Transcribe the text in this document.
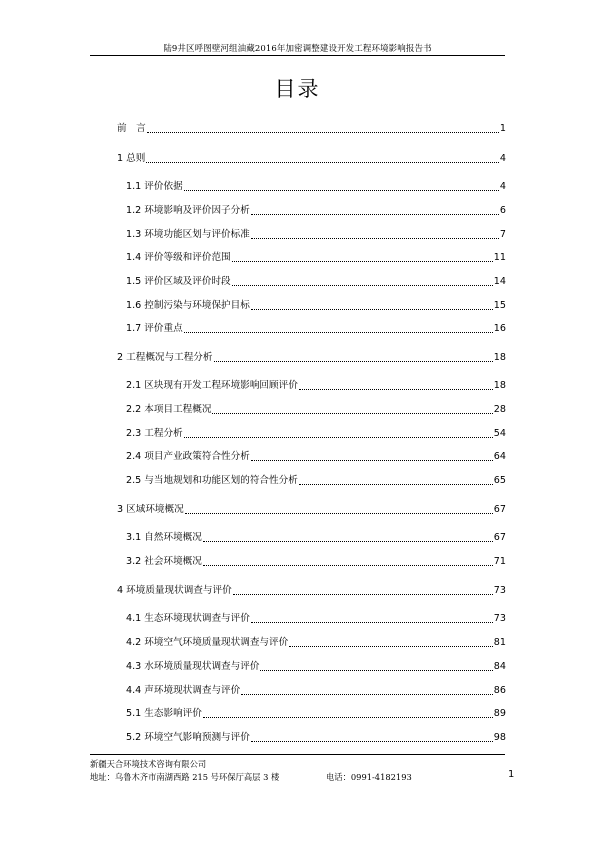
陆9井区呼图壁河组油藏2016年加密调整建设开发工程环境影响报告书
目录
前　言	1
1 总则	4
1.1 评价依据	4
1.2 环境影响及评价因子分析	6
1.3 环境功能区划与评价标准	7
1.4 评价等级和评价范围	11
1.5 评价区域及评价时段	14
1.6 控制污染与环境保护目标	15
1.7 评价重点	16
2 工程概况与工程分析	18
2.1 区块现有开发工程环境影响回顾评价	18
2.2 本项目工程概况	28
2.3 工程分析	54
2.4 项目产业政策符合性分析	64
2.5 与当地规划和功能区划的符合性分析	65
3 区域环境概况	67
3.1 自然环境概况	67
3.2 社会环境概况	71
4 环境质量现状调查与评价	73
4.1 生态环境现状调查与评价	73
4.2 环境空气环境质量现状调查与评价	81
4.3 水环境质量现状调查与评价	84
4.4 声环境现状调查与评价	86
5.1 生态影响评价	89
5.2 环境空气影响预测与评价	98
新疆天合环境技术咨询有限公司
地址：乌鲁木齐市南湖西路 215 号环保厅高层 3 楼	电话：0991-4182193	1
